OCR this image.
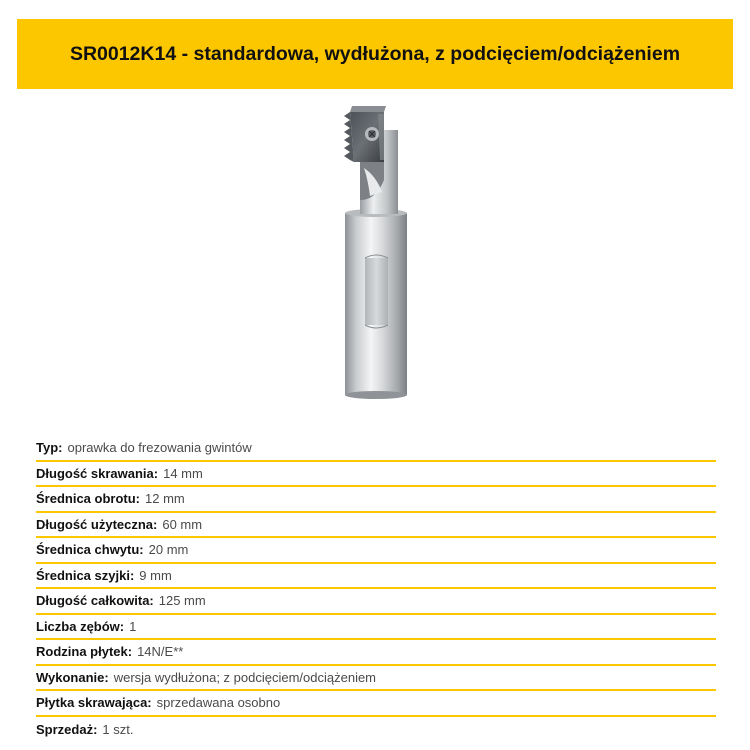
SR0012K14 - standardowa, wydłużona, z podcięciem/odciążeniem
Typ: oprawka do frezowania gwintów
Długość skrawania: 14 mm
Średnica obrotu: 12 mm
Długość użyteczna: 60 mm
Średnica chwytu: 20 mm
Średnica szyjki: 9 mm
Długość całkowita: 125 mm
Liczba zębów: 1
Rodzina płytek: 14N/E**
Wykonanie: wersja wydłużona; z podcięciem/odciążeniem
Płytka skrawająca: sprzedawana osobno
Sprzedaż: 1 szt.
